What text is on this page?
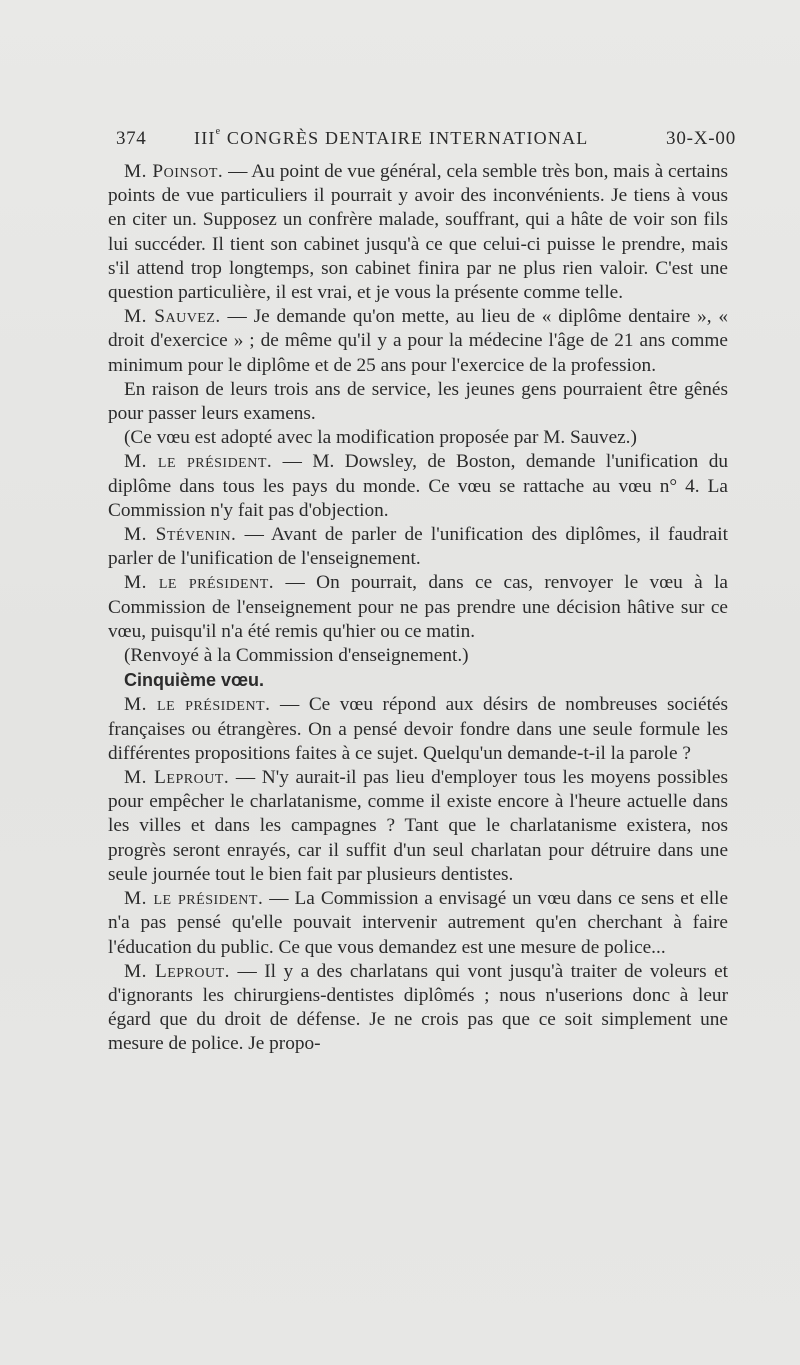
374	IIIe CONGRÈS DENTAIRE INTERNATIONAL	30-X-00

M. Poinsot. — Au point de vue général, cela semble très bon, mais à certains points de vue particuliers il pourrait y avoir des inconvénients. Je tiens à vous en citer un. Supposez un confrère malade, souffrant, qui a hâte de voir son fils lui succéder. Il tient son cabinet jusqu'à ce que celui-ci puisse le prendre, mais s'il attend trop longtemps, son cabinet finira par ne plus rien valoir. C'est une question particulière, il est vrai, et je vous la présente comme telle.

M. Sauvez. — Je demande qu'on mette, au lieu de « diplôme dentaire », « droit d'exercice » ; de même qu'il y a pour la médecine l'âge de 21 ans comme minimum pour le diplôme et de 25 ans pour l'exercice de la profession.

En raison de leurs trois ans de service, les jeunes gens pourraient être gênés pour passer leurs examens.

(Ce vœu est adopté avec la modification proposée par M. Sauvez.)

M. le président. — M. Dowsley, de Boston, demande l'unification du diplôme dans tous les pays du monde. Ce vœu se rattache au vœu n° 4. La Commission n'y fait pas d'objection.

M. Stévenin. — Avant de parler de l'unification des diplômes, il faudrait parler de l'unification de l'enseignement.

M. le président. — On pourrait, dans ce cas, renvoyer le vœu à la Commission de l'enseignement pour ne pas prendre une décision hâtive sur ce vœu, puisqu'il n'a été remis qu'hier ou ce matin.

(Renvoyé à la Commission d'enseignement.)

Cinquième vœu.

M. le président. — Ce vœu répond aux désirs de nombreuses sociétés françaises ou étrangères. On a pensé devoir fondre dans une seule formule les différentes propositions faites à ce sujet. Quelqu'un demande-t-il la parole ?

M. Leprout. — N'y aurait-il pas lieu d'employer tous les moyens possibles pour empêcher le charlatanisme, comme il existe encore à l'heure actuelle dans les villes et dans les campagnes ? Tant que le charlatanisme existera, nos progrès seront enrayés, car il suffit d'un seul charlatan pour détruire dans une seule journée tout le bien fait par plusieurs dentistes.

M. le président. — La Commission a envisagé un vœu dans ce sens et elle n'a pas pensé qu'elle pouvait intervenir autrement qu'en cherchant à faire l'éducation du public. Ce que vous demandez est une mesure de police...

M. Leprout. — Il y a des charlatans qui vont jusqu'à traiter de voleurs et d'ignorants les chirurgiens-dentistes diplômés ; nous n'userions donc à leur égard que du droit de défense. Je ne crois pas que ce soit simplement une mesure de police. Je propo-
